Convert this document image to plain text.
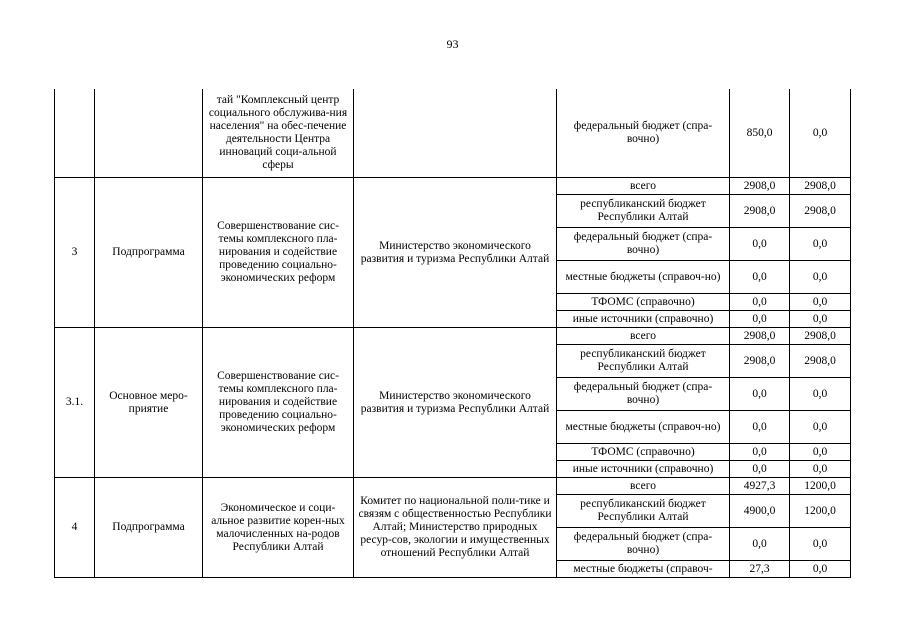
93
		тай "Комплексный центр социального обслужива-ния населения" на обес-печение деятельности Центра инноваций соци-альной сферы		федеральный бюджет (спра-вочно)	850,0	0,0
3	Подпрограмма	Совершенствование сис-темы комплексного пла-нирования и содействие проведению социально-экономических реформ	Министерство экономического развития и туризма Республики Алтай	всего	2908,0	2908,0
				республиканский бюджет Республики Алтай	2908,0	2908,0
				федеральный бюджет (спра-вочно)	0,0	0,0
				местные бюджеты (справоч-но)	0,0	0,0
				ТФОМС (справочно)	0,0	0,0
				иные источники (справочно)	0,0	0,0
3.1.	Основное меро-приятие	Совершенствование сис-темы комплексного пла-нирования и содействие проведению социально-экономических реформ	Министерство экономического развития и туризма Республики Алтай	всего	2908,0	2908,0
				республиканский бюджет Республики Алтай	2908,0	2908,0
				федеральный бюджет (спра-вочно)	0,0	0,0
				местные бюджеты (справоч-но)	0,0	0,0
				ТФОМС (справочно)	0,0	0,0
				иные источники (справочно)	0,0	0,0
4	Подпрограмма	Экономическое и соци-альное развитие корен-ных малочисленных на-родов Республики Алтай	Комитет по национальной поли-тике и связям с общественностью Республики Алтай; Министерство природных ресур-сов, экологии и имущественных отношений Республики Алтай	всего	4927,3	1200,0
				республиканский бюджет Республики Алтай	4900,0	1200,0
				федеральный бюджет (спра-вочно)	0,0	0,0
				местные бюджеты (справоч-	27,3	0,0
